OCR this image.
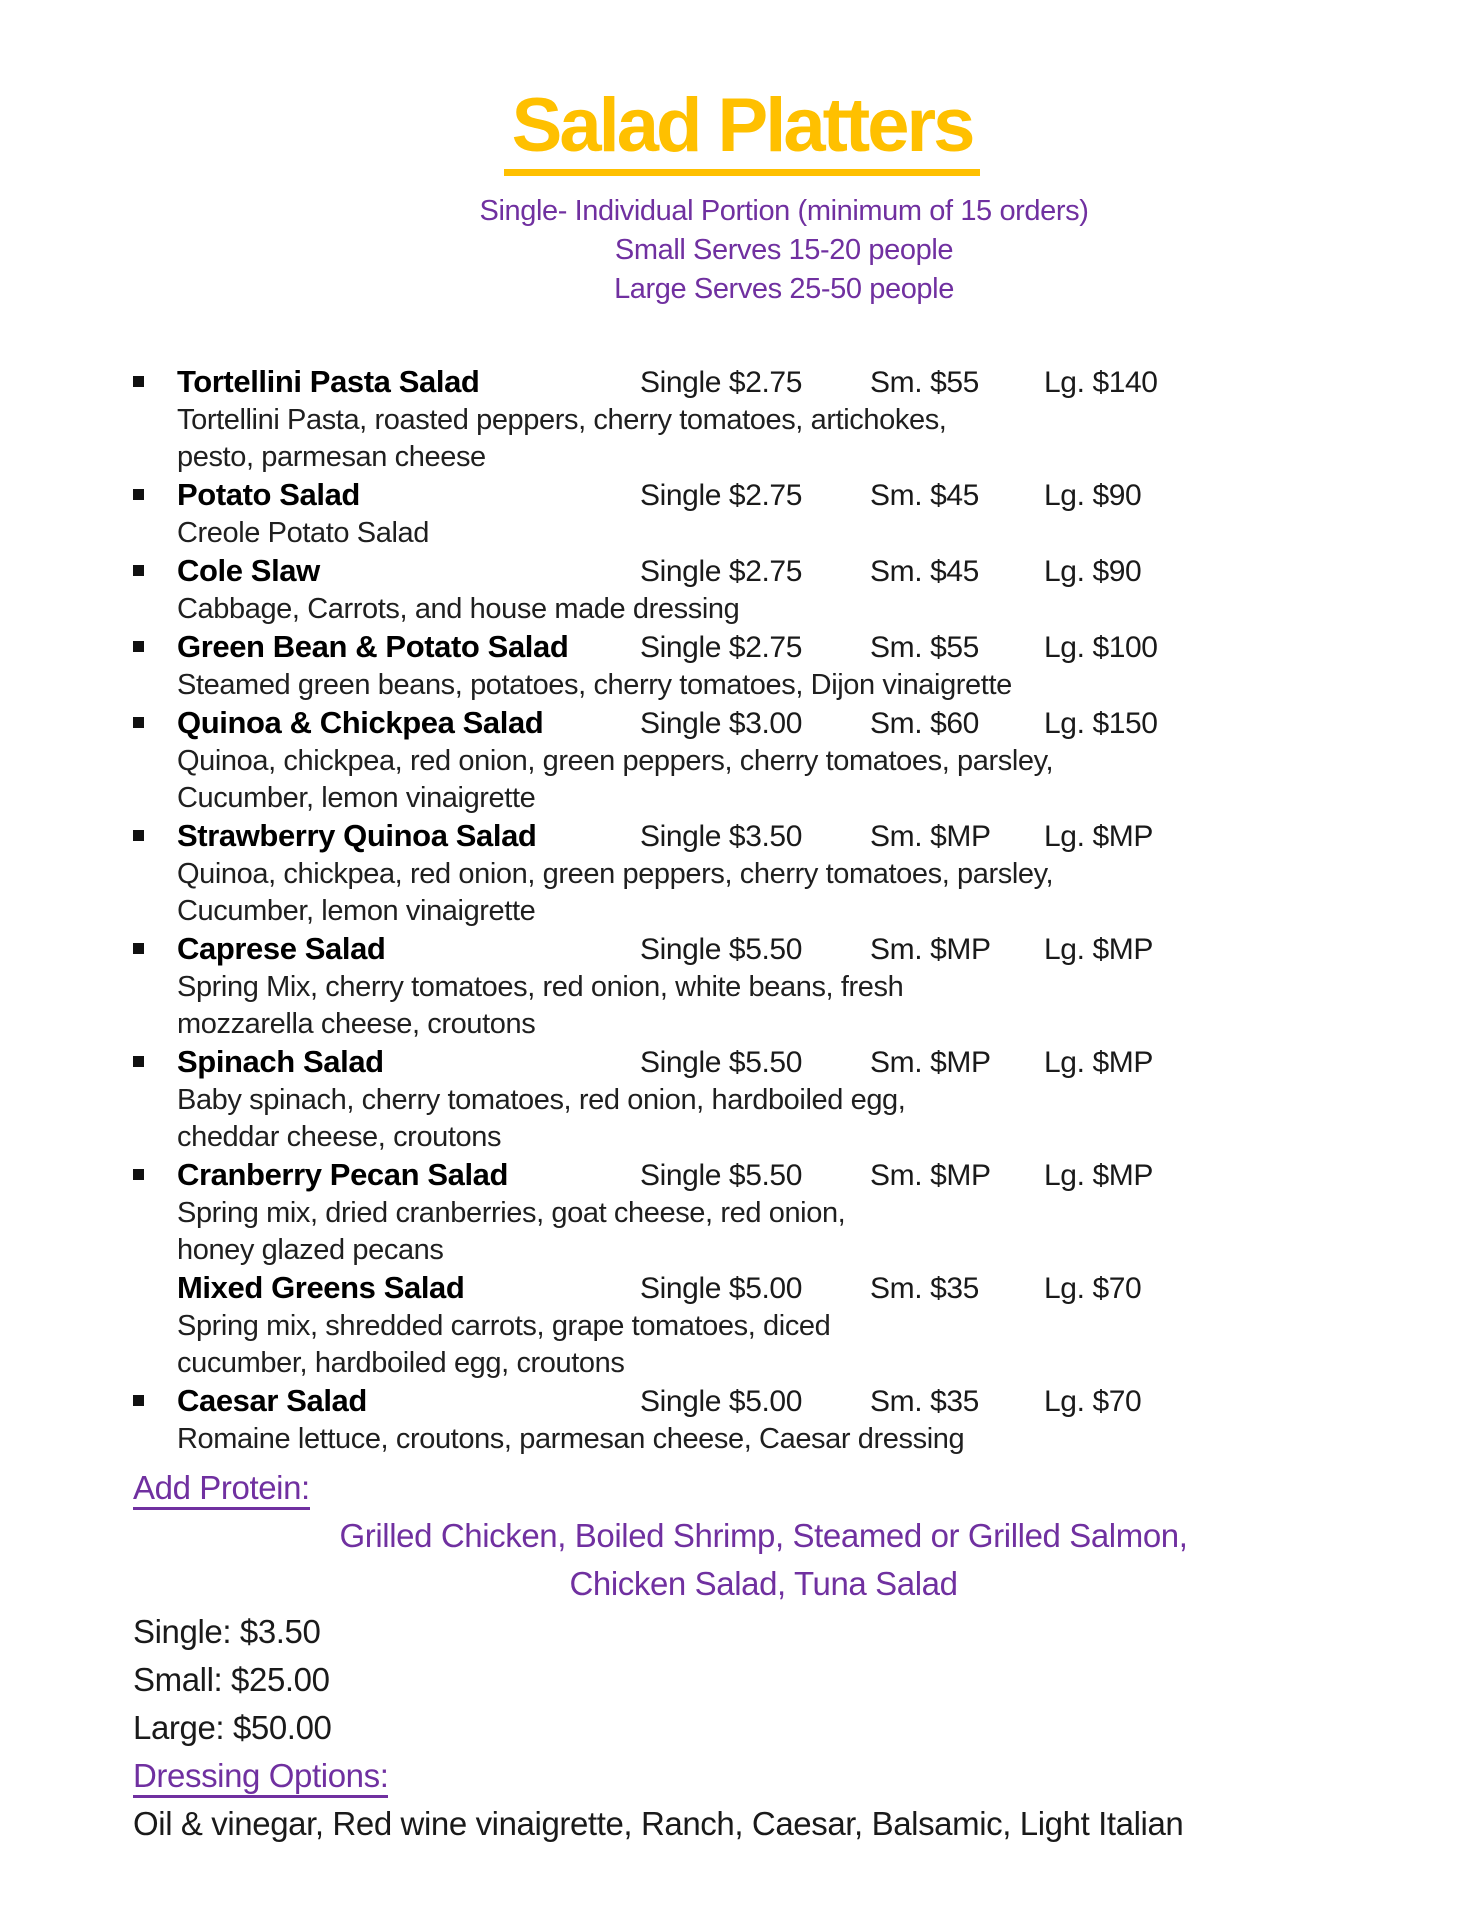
Salad Platters
Single- Individual Portion (minimum of 15 orders)
Small Serves 15-20 people
Large Serves 25-50 people
Tortellini Pasta Salad	Single $2.75	Sm. $55	Lg. $140
Tortellini Pasta, roasted peppers, cherry tomatoes, artichokes,
pesto, parmesan cheese
Potato Salad	Single $2.75	Sm. $45	Lg. $90
Creole Potato Salad
Cole Slaw	Single $2.75	Sm. $45	Lg. $90
Cabbage, Carrots, and house made dressing
Green Bean & Potato Salad	Single $2.75	Sm. $55	Lg. $100
Steamed green beans, potatoes, cherry tomatoes, Dijon vinaigrette
Quinoa & Chickpea Salad	Single $3.00	Sm. $60	Lg. $150
Quinoa, chickpea, red onion, green peppers, cherry tomatoes, parsley,
Cucumber, lemon vinaigrette
Strawberry Quinoa Salad	Single $3.50	Sm. $MP	Lg. $MP
Quinoa, chickpea, red onion, green peppers, cherry tomatoes, parsley,
Cucumber, lemon vinaigrette
Caprese Salad	Single $5.50	Sm. $MP	Lg. $MP
Spring Mix, cherry tomatoes, red onion, white beans, fresh
mozzarella cheese, croutons
Spinach Salad	Single $5.50	Sm. $MP	Lg. $MP
Baby spinach, cherry tomatoes, red onion, hardboiled egg,
cheddar cheese, croutons
Cranberry Pecan Salad	Single $5.50	Sm. $MP	Lg. $MP
Spring mix, dried cranberries, goat cheese, red onion,
honey glazed pecans
Mixed Greens Salad	Single $5.00	Sm. $35	Lg. $70
Spring mix, shredded carrots, grape tomatoes, diced
cucumber, hardboiled egg, croutons
Caesar Salad	Single $5.00	Sm. $35	Lg. $70
Romaine lettuce, croutons, parmesan cheese, Caesar dressing
Add Protein:
Grilled Chicken, Boiled Shrimp, Steamed or Grilled Salmon,
Chicken Salad, Tuna Salad
Single: $3.50
Small: $25.00
Large: $50.00
Dressing Options:
Oil & vinegar, Red wine vinaigrette, Ranch, Caesar, Balsamic, Light Italian
